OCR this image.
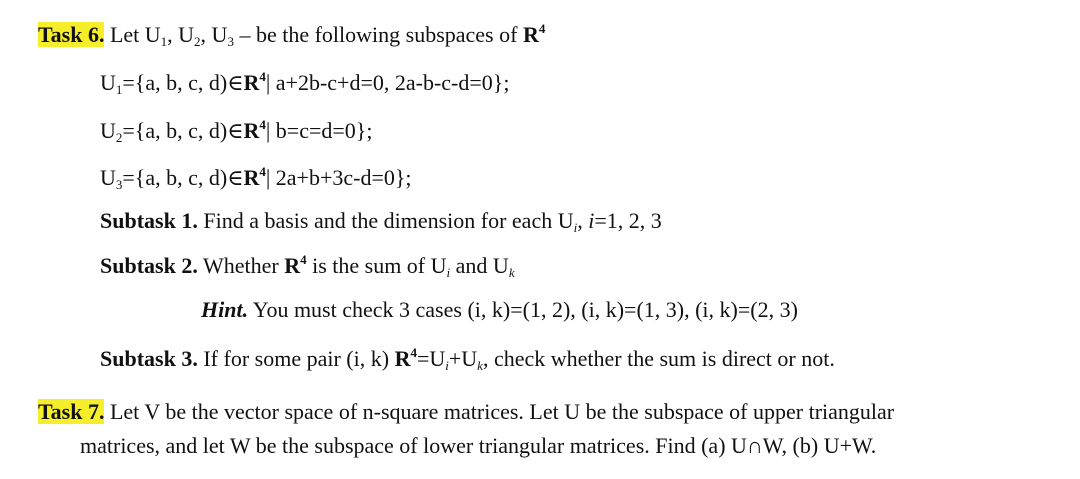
Task 6. Let $U_1$, $U_2$, $U_3$ – be the following subspaces of $R^4$
$U_1=\{a$, b, c, $d)\in R^4|$ a+2b-c+d=0, 2a-b-c-d=0};
$U_2=\{a$, b, c, $d)\in R^4|$ b=c=d=0};
$U_3=\{a$, b, c, $d)\in R^4|$ 2a+b+3c-d=0};
Subtask 1. Find a basis and the dimension for each $U_i$, i=1, 2, 3
Subtask 2. Whether $R^4$ is the sum of $U_i$ and $U_k$
Hint. You must check 3 cases (i, k)=(1, 2), (i, k)=(1, 3), (i, k)=(2, 3)
Subtask 3. If for some pair (i, k) $R^4=U_i+U_k$, check whether the sum is direct or not.
Task 7. Let V be the vector space of n-square matrices. Let U be the subspace of upper triangular
matrices, and let W be the subspace of lower triangular matrices. Find (a) U∩W, (b) U+W.
